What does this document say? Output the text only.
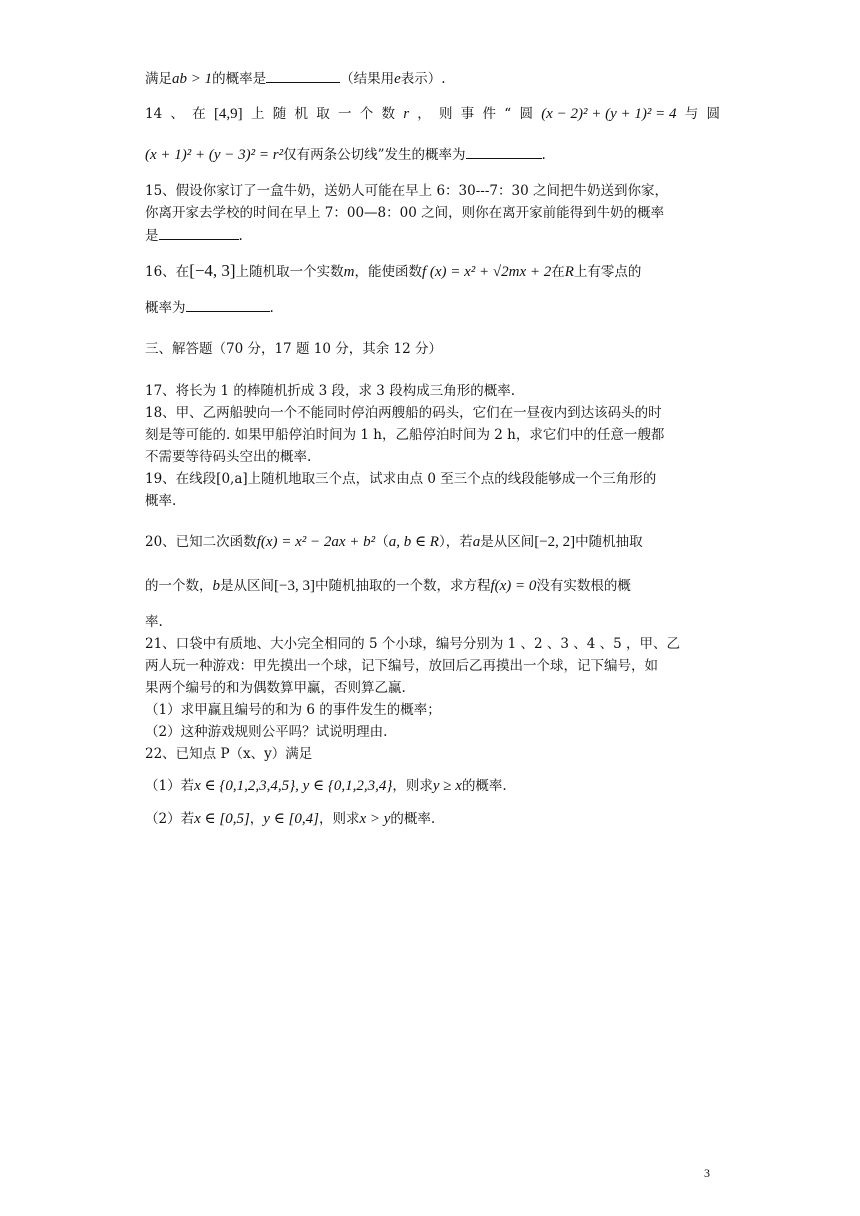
满足ab > 1的概率是	（结果用e表示）.
14 、 在 [4,9] 上 随 机 取 一 个 数 r ， 则 事 件 “ 圆 (x − 2)² + (y + 1)² = 4 与 圆
(x + 1)² + (y − 3)² = r²仅有两条公切线”发生的概率为	.
15、假设你家订了一盒牛奶，送奶人可能在早上 6：30---7：30 之间把牛奶送到你家，
你离开家去学校的时间在早上 7：00—8：00 之间，则你在离开家前能得到牛奶的概率
是	.
16、在[−4, 3]上随机取一个实数m，能使函数f (x) = x² + √2mx + 2在R上有零点的
概率为	.
三、解答题（70 分，17 题 10 分，其余 12 分）
17、将长为 1 的棒随机折成 3 段，求 3 段构成三角形的概率.
18、甲、乙两船驶向一个不能同时停泊两艘船的码头，它们在一昼夜内到达该码头的时
刻是等可能的. 如果甲船停泊时间为 1 h，乙船停泊时间为 2 h，求它们中的任意一艘都
不需要等待码头空出的概率.
19、在线段[0,a]上随机地取三个点，试求由点 0 至三个点的线段能够成一个三角形的
概率.
20、已知二次函数f(x) = x² − 2ax + b²（a, b ∈ R），若a是从区间[−2, 2]中随机抽取
的一个数，b是从区间[−3, 3]中随机抽取的一个数，求方程f(x) = 0没有实数根的概
率.
21、口袋中有质地、大小完全相同的 5 个小球，编号分别为 1 、2 、3 、4 、5 ，甲、乙
两人玩一种游戏：甲先摸出一个球，记下编号，放回后乙再摸出一个球，记下编号，如
果两个编号的和为偶数算甲赢，否则算乙赢.
（1）求甲赢且编号的和为 6 的事件发生的概率；
（2）这种游戏规则公平吗？试说明理由.
22、已知点 P（x、y）满足
（1）若x ∈ {0,1,2,3,4,5}, y ∈ {0,1,2,3,4}，则求y ≥ x的概率.
（2）若x ∈ [0,5]，y ∈ [0,4]，则求x > y的概率.
3
